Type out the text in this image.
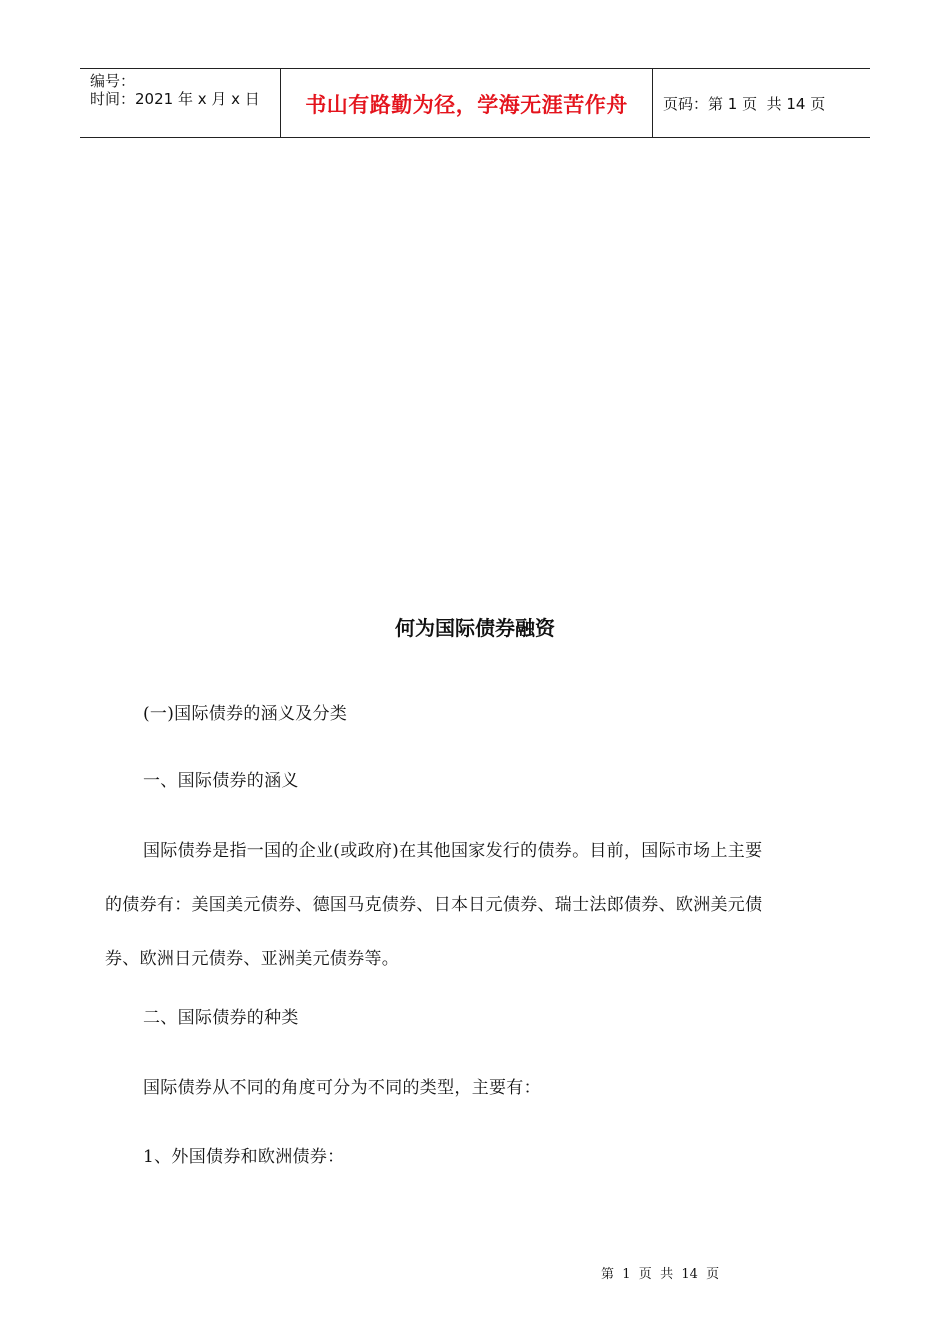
编号：
时间：2021 年 x 月 x 日	书山有路勤为径，学海无涯苦作舟	页码：第 1 页  共 14 页
何为国际债券融资
(一)国际债券的涵义及分类
一、国际债券的涵义
国际债券是指一国的企业(或政府)在其他国家发行的债券。目前，国际市场上主要
的债券有：美国美元债券、德国马克债券、日本日元债券、瑞士法郎债券、欧洲美元债
券、欧洲日元债券、亚洲美元债券等。
二、国际债券的种类
国际债券从不同的角度可分为不同的类型，主要有：
1、外国债券和欧洲债券：
第  1  页  共  14  页
